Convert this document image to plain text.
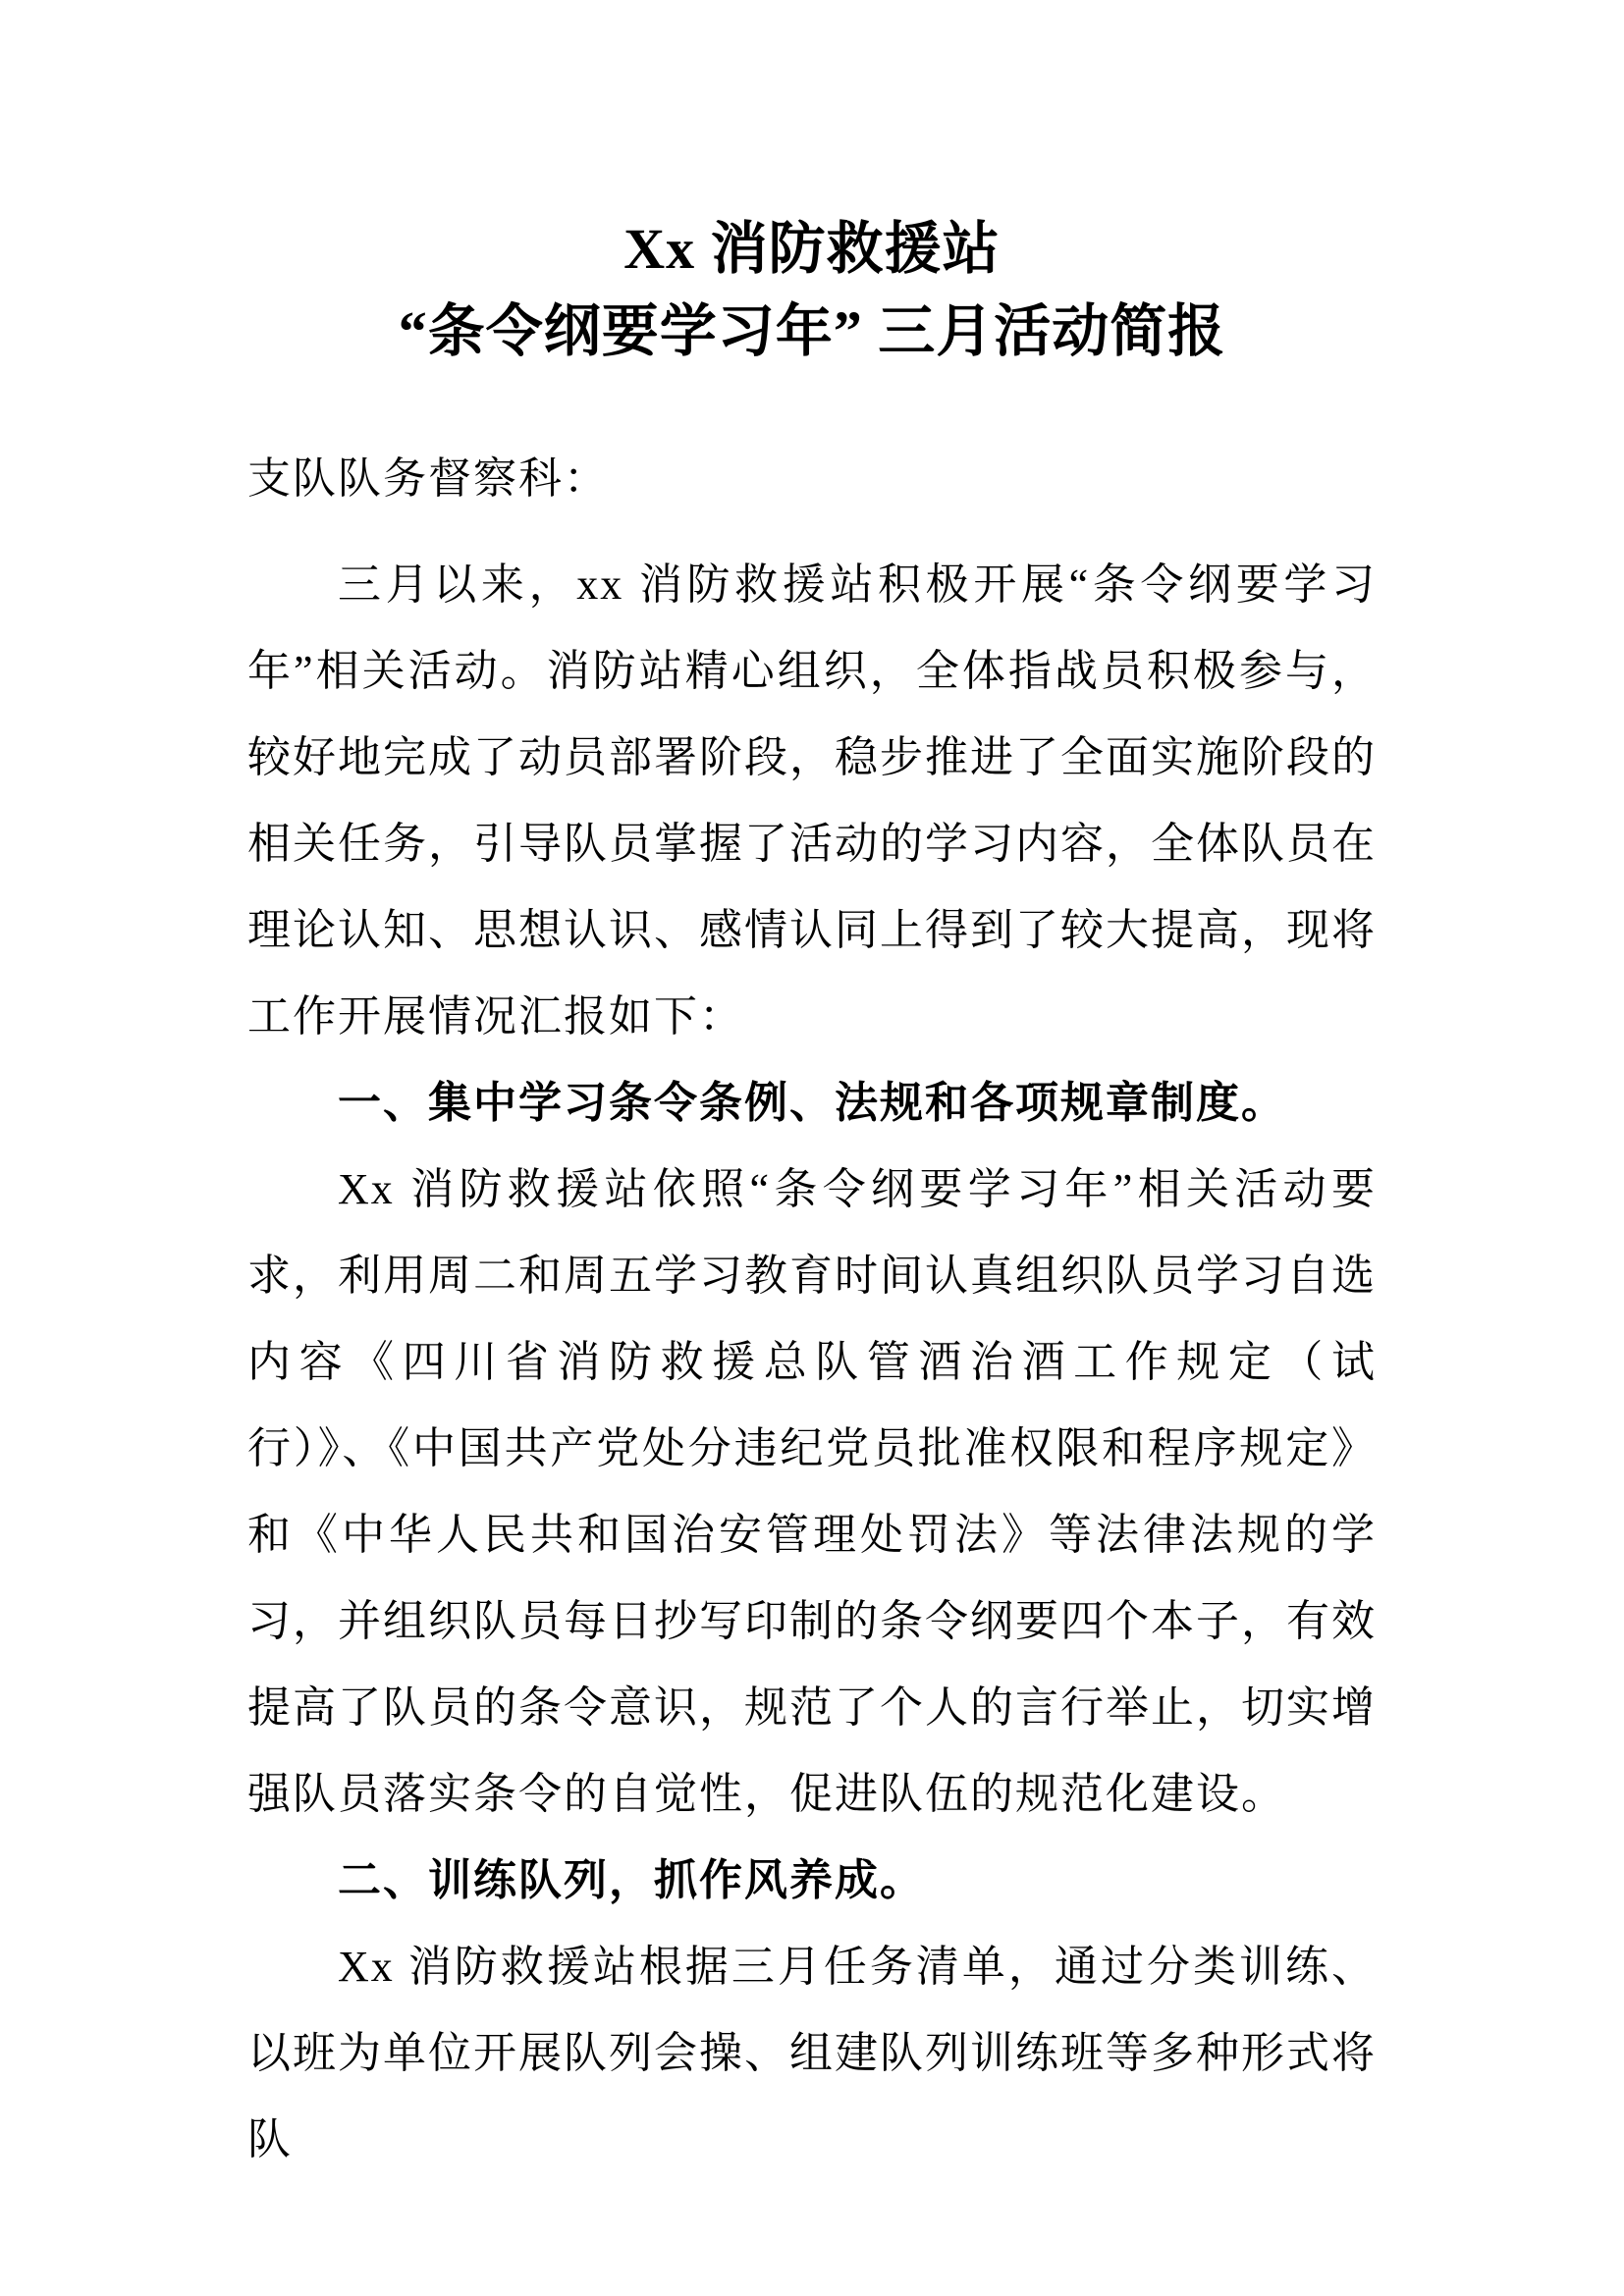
Xx 消防救援站
“条令纲要学习年” 三月活动简报

支队队务督察科：

三月以来，xx 消防救援站积极开展“条令纲要学习年”相关活动。消防站精心组织，全体指战员积极参与，较好地完成了动员部署阶段，稳步推进了全面实施阶段的相关任务，引导队员掌握了活动的学习内容，全体队员在理论认知、思想认识、感情认同上得到了较大提高，现将工作开展情况汇报如下：

一、集中学习条令条例、法规和各项规章制度。

Xx 消防救援站依照“条令纲要学习年”相关活动要求，利用周二和周五学习教育时间认真组织队员学习自选内容《四川省消防救援总队管酒治酒工作规定（试行）》、《中国共产党处分违纪党员批准权限和程序规定》和《中华人民共和国治安管理处罚法》等法律法规的学习，并组织队员每日抄写印制的条令纲要四个本子，有效提高了队员的条令意识，规范了个人的言行举止，切实增强队员落实条令的自觉性，促进队伍的规范化建设。

二、训练队列，抓作风养成。

Xx 消防救援站根据三月任务清单，通过分类训练、以班为单位开展队列会操、组建队列训练班等多种形式将队
